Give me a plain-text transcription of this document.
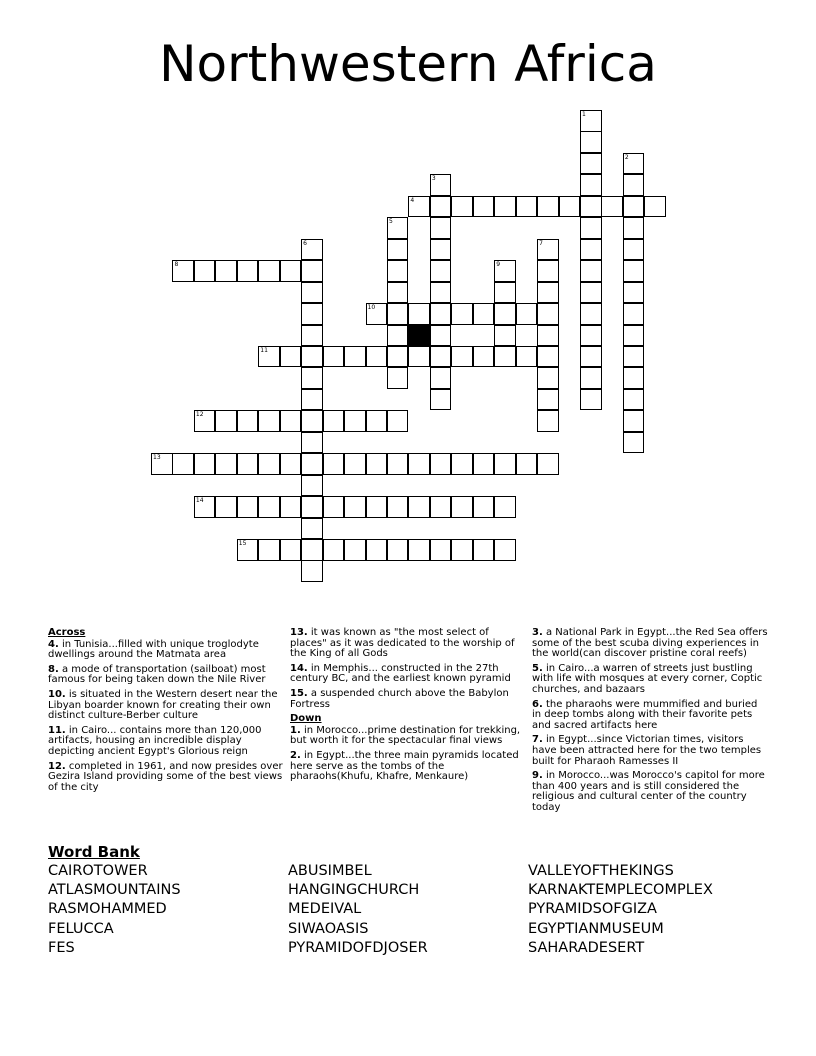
Northwestern Africa
1
2
3
4
5
6	7
8	9
10
11
12
13
14
15
Across
4. in Tunisia...filled with unique troglodyte dwellings around the Matmata area
8. a mode of transportation (sailboat) most famous for being taken down the Nile River
10. is situated in the Western desert near the Libyan boarder known for creating their own distinct culture-Berber culture
11. in Cairo... contains more than 120,000 artifacts, housing an incredible display depicting ancient Egypt's Glorious reign
12. completed in 1961, and now presides over Gezira Island providing some of the best views of the city
13. it was known as "the most select of places" as it was dedicated to the worship of the King of all Gods
14. in Memphis... constructed in the 27th century BC, and the earliest known pyramid
15. a suspended church above the Babylon Fortress
Down
1. in Morocco...prime destination for trekking, but worth it for the spectacular final views
2. in Egypt...the three main pyramids located here serve as the tombs of the pharaohs(Khufu, Khafre, Menkaure)
3. a National Park in Egypt...the Red Sea offers some of the best scuba diving experiences in the world(can discover pristine coral reefs)
5. in Cairo...a warren of streets just bustling with life with mosques at every corner, Coptic churches, and bazaars
6. the pharaohs were mummified and buried in deep tombs along with their favorite pets and sacred artifacts here
7. in Egypt...since Victorian times, visitors have been attracted here for the two temples built for Pharaoh Ramesses II
9. in Morocco...was Morocco's capitol for more than 400 years and is still considered the religious and cultural center of the country today
Word Bank
CAIROTOWER
ATLASMOUNTAINS
RASMOHAMMED
FELUCCA
FES
ABUSIMBEL
HANGINGCHURCH
MEDEIVAL
SIWAOASIS
PYRAMIDOFDJOSER
VALLEYOFTHEKINGS
KARNAKTEMPLECOMPLEX
PYRAMIDSOFGIZA
EGYPTIANMUSEUM
SAHARADESERT
